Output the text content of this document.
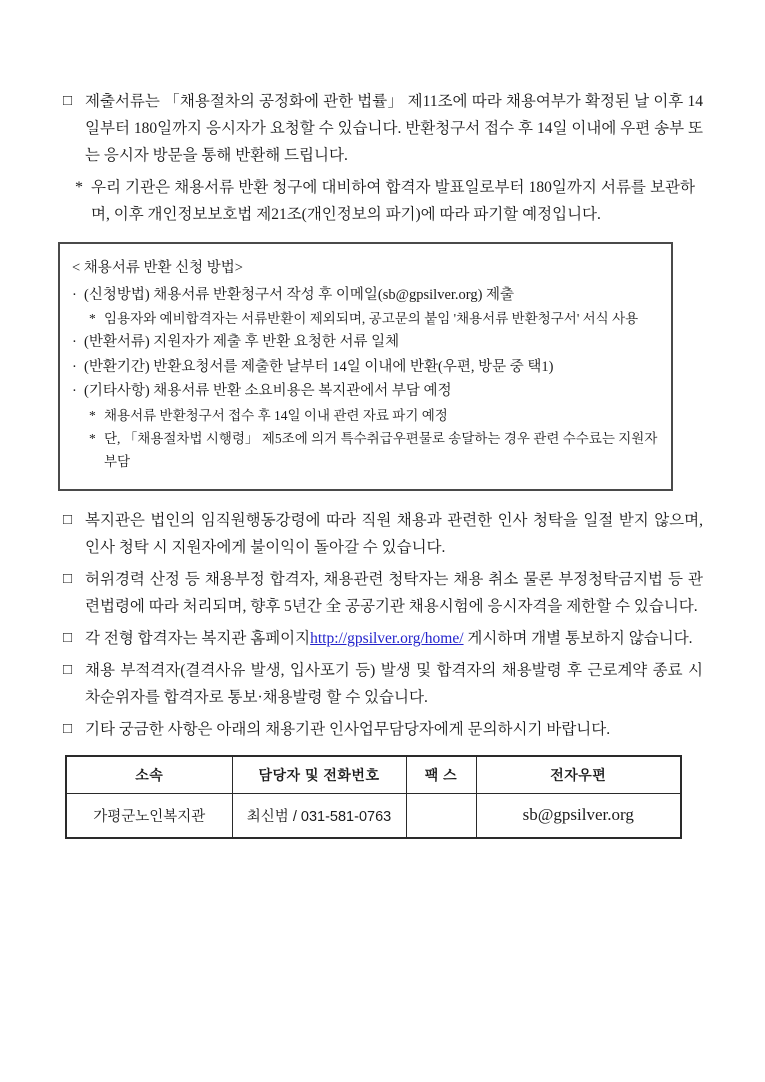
□ 제출서류는 「채용절차의 공정화에 관한 법률」 제11조에 따라 채용여부가 확정된 날 이후 14일부터 180일까지 응시자가 요청할 수 있습니다. 반환청구서 접수 후 14일 이내에 우편 송부 또는 응시자 방문을 통해 반환해 드립니다.
* 우리 기관은 채용서류 반환 청구에 대비하여 합격자 발표일로부터 180일까지 서류를 보관하며, 이후 개인정보보호법 제21조(개인정보의 파기)에 따라 파기할 예정입니다.
< 채용서류 반환 신청 방법>
· (신청방법) 채용서류 반환청구서 작성 후 이메일(sb@gpsilver.org) 제출
* 임용자와 예비합격자는 서류반환이 제외되며, 공고문의 붙임 '채용서류 반환청구서' 서식 사용
· (반환서류) 지원자가 제출 후 반환 요청한 서류 일체
· (반환기간) 반환요청서를 제출한 날부터 14일 이내에 반환(우편, 방문 중 택1)
· (기타사항) 채용서류 반환 소요비용은 복지관에서 부담 예정
* 채용서류 반환청구서 접수 후 14일 이내 관련 자료 파기 예정
* 단, 「채용절차법 시행령」 제5조에 의거 특수취급우편물로 송달하는 경우 관련 수수료는 지원자 부담
□ 복지관은 법인의 임직원행동강령에 따라 직원 채용과 관련한 인사 청탁을 일절 받지 않으며, 인사 청탁 시 지원자에게 불이익이 돌아갈 수 있습니다.
□ 허위경력 산정 등 채용부정 합격자, 채용관련 청탁자는 채용 취소 물론 부정청탁금지법 등 관련법령에 따라 처리되며, 향후 5년간 全 공공기관 채용시험에 응시자격을 제한할 수 있습니다.
□ 각 전형 합격자는 복지관 홈페이지http://gpsilver.org/home/ 게시하며 개별 통보하지 않습니다.
□ 채용 부적격자(결격사유 발생, 입사포기 등) 발생 및 합격자의 채용발령 후 근로계약 종료 시 차순위자를 합격자로 통보·채용발령 할 수 있습니다.
□ 기타 궁금한 사항은 아래의 채용기관 인사업무담당자에게 문의하시기 바랍니다.
소속	담당자 및 전화번호	팩 스	전자우편
가평군노인복지관	최신범 / 031-581-0763		sb@gpsilver.org
